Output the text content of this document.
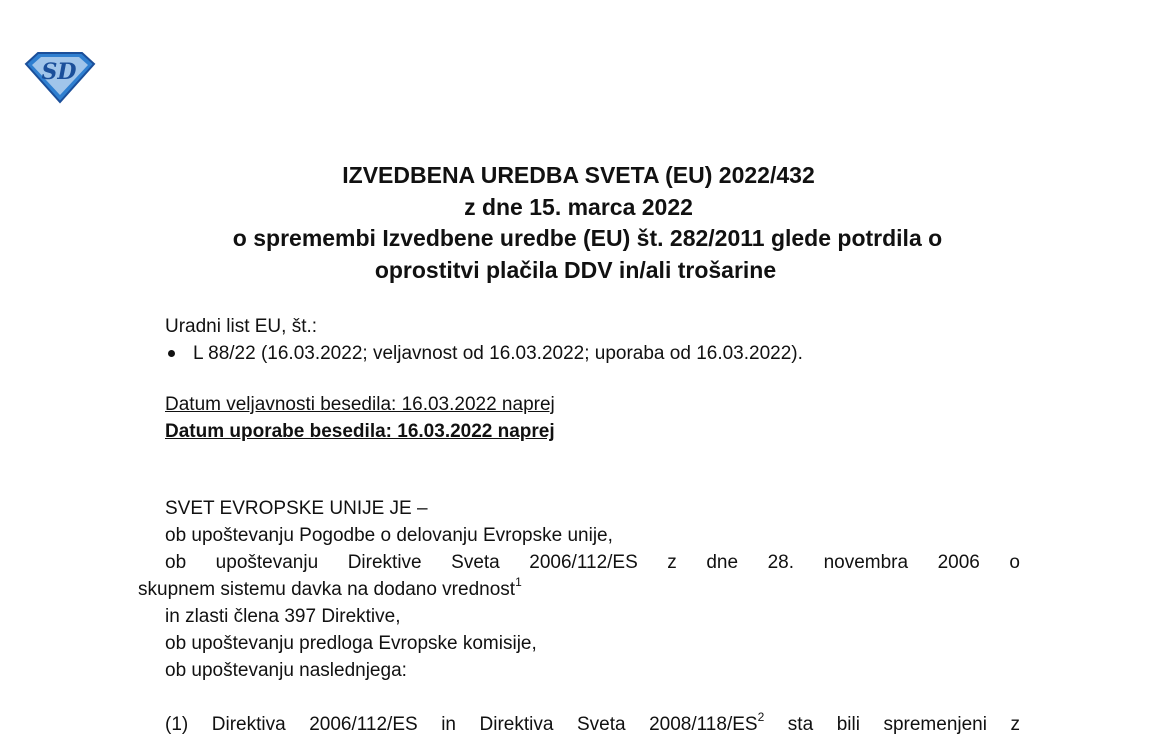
SD
IZVEDBENA UREDBA SVETA (EU) 2022/432
z dne 15. marca 2022
o spremembi Izvedbene uredbe (EU) št. 282/2011 glede potrdila o
oprostitvi plačila DDV in/ali trošarine
Uradni list EU, št.:
L 88/22 (16.03.2022; veljavnost od 16.03.2022; uporaba od 16.03.2022).
Datum veljavnosti besedila: 16.03.2022 naprej
Datum uporabe besedila: 16.03.2022 naprej

SVET EVROPSKE UNIJE JE –

ob upoštevanju Pogodbe o delovanju Evropske unije,

ob upoštevanju Direktive Sveta 2006/112/ES z dne 28. novembra 2006 o

skupnem sistemu davka na dodano vrednost$^1$

in zlasti člena 397 Direktive,

ob upoštevanju predloga Evropske komisije,

ob upoštevanju naslednjega:

(1) Direktiva 2006/112/ES in Direktiva Sveta $2008/118/ES^2$ sta bili spremenjeni z
